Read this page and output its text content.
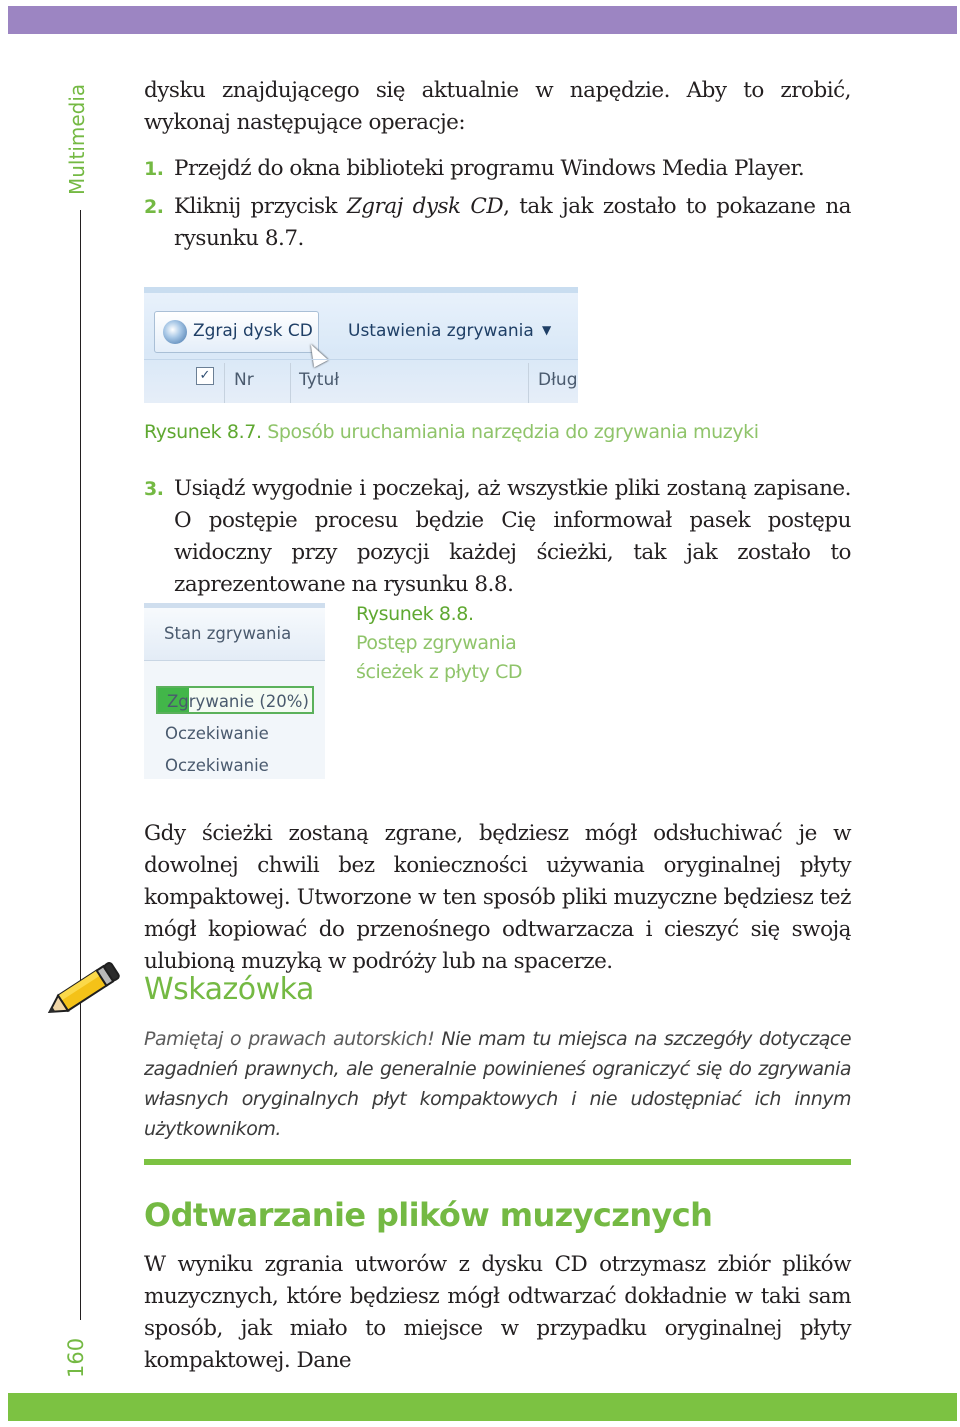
Multimedia
160

dysku znajdującego się aktualnie w napędzie. Aby to zrobić, wykonaj następujące operacje:

1. Przejdź do okna biblioteki programu Windows Media Player.
2. Kliknij przycisk Zgraj dysk CD, tak jak zostało to pokazane na rysunku 8.7.
Zgraj dysk CD Ustawienia zgrywania ▼
✓ Nr	Tytuł	Dług
Rysunek 8.7. Sposób uruchamiania narzędzia do zgrywania muzyki
3. Usiądź wygodnie i poczekaj, aż wszystkie pliki zostaną zapisane. O postępie procesu będzie Cię informował pasek postępu widoczny przy pozycji każdej ścieżki, tak jak zostało to zaprezentowane na rysunku 8.8.
Stan zgrywania
Zgrywanie (20%)
Oczekiwanie
Oczekiwanie
Rysunek 8.8.
Postęp zgrywania
ścieżek z płyty CD

Gdy ścieżki zostaną zgrane, będziesz mógł odsłuchiwać je w dowolnej chwili bez konieczności używania oryginalnej płyty kompaktowej. Utworzone w ten sposób pliki muzyczne będziesz też mógł kopiować do przenośnego odtwarzacza i cieszyć się swoją ulubioną muzyką w podróży lub na spacerze.

Wskazówka
Pamiętaj o prawach autorskich! Nie mam tu miejsca na szczegóły dotyczące zagadnień prawnych, ale generalnie powinieneś ograniczyć się do zgrywania własnych oryginalnych płyt kompaktowych i nie udostępniać ich innym użytkownikom.
Odtwarzanie plików muzycznych

W wyniku zgrania utworów z dysku CD otrzymasz zbiór plików muzycznych, które będziesz mógł odtwarzać dokładnie w taki sam sposób, jak miało to miejsce w przypadku oryginalnej płyty kompaktowej. Dane
